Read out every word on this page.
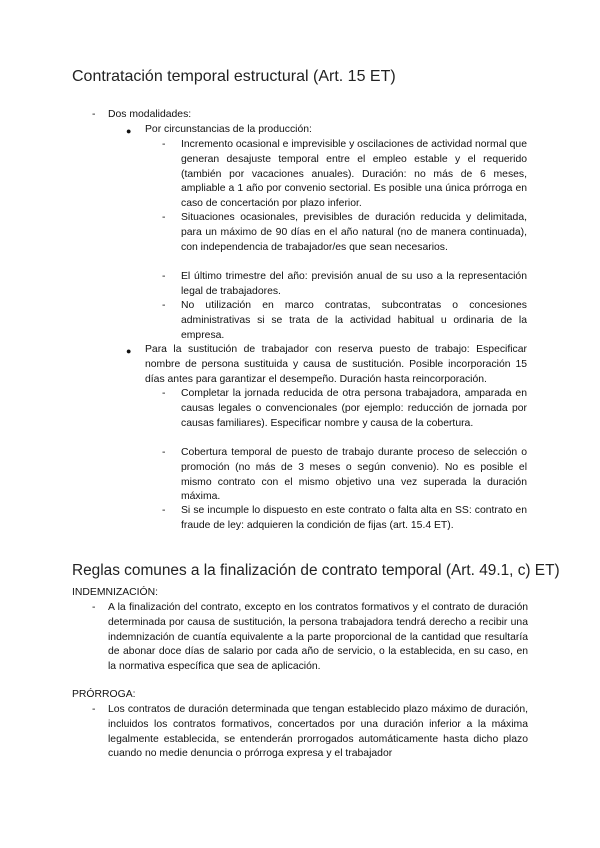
Contratación temporal estructural (Art. 15 ET)
- Dos modalidades:
● Por circunstancias de la producción:
- Incremento ocasional e imprevisible y oscilaciones de actividad normal que generan desajuste temporal entre el empleo estable y el requerido (también por vacaciones anuales). Duración: no más de 6 meses, ampliable a 1 año por convenio sectorial. Es posible una única prórroga en caso de concertación por plazo inferior.
- Situaciones ocasionales, previsibles de duración reducida y delimitada, para un máximo de 90 días en el año natural (no de manera continuada), con independencia de trabajador/es que sean necesarios.
- El último trimestre del año: previsión anual de su uso a la representación legal de trabajadores.
- No utilización en marco contratas, subcontratas o concesiones administrativas si se trata de la actividad habitual u ordinaria de la empresa.
● Para la sustitución de trabajador con reserva puesto de trabajo: Especificar nombre de persona sustituida y causa de sustitución. Posible incorporación 15 días antes para garantizar el desempeño. Duración hasta reincorporación.
- Completar la jornada reducida de otra persona trabajadora, amparada en causas legales o convencionales (por ejemplo: reducción de jornada por causas familiares). Especificar nombre y causa de la cobertura.
- Cobertura temporal de puesto de trabajo durante proceso de selección o promoción (no más de 3 meses o según convenio). No es posible el mismo contrato con el mismo objetivo una vez superada la duración máxima.
- Si se incumple lo dispuesto en este contrato o falta alta en SS: contrato en fraude de ley: adquieren la condición de fijas (art. 15.4 ET).
Reglas comunes a la finalización de contrato temporal (Art. 49.1, c) ET)
INDEMNIZACIÓN:
- A la finalización del contrato, excepto en los contratos formativos y el contrato de duración determinada por causa de sustitución, la persona trabajadora tendrá derecho a recibir una indemnización de cuantía equivalente a la parte proporcional de la cantidad que resultaría de abonar doce días de salario por cada año de servicio, o la establecida, en su caso, en la normativa específica que sea de aplicación.
PRÓRROGA:
- Los contratos de duración determinada que tengan establecido plazo máximo de duración, incluidos los contratos formativos, concertados por una duración inferior a la máxima legalmente establecida, se entenderán prorrogados automáticamente hasta dicho plazo cuando no medie denuncia o prórroga expresa y el trabajador
